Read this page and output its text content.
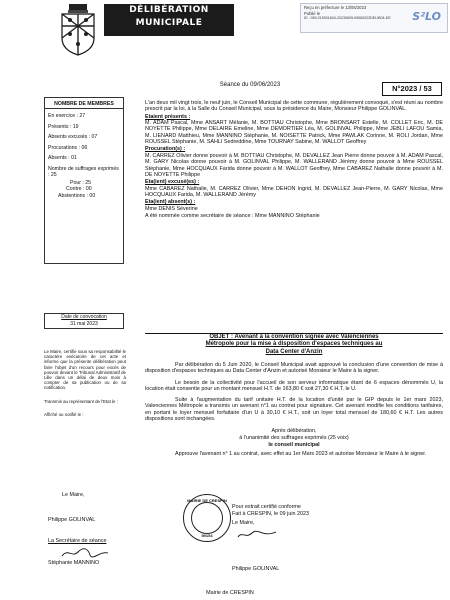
DÉLIBÉRATION
MUNICIPALE
Reçu en préfecture le 13/06/2023
Publié le
ID : 059-215901604-20230609-09062023DELIB04-DE	S²LO
Séance du 09/06/2023	N°2023 / 53
NOMBRE DE MEMBRES
En exercice : 27
Présents : 19
Absents excusés : 07
Procurations : 06
Absents : 01
Nombre de suffrages exprimés : 25
Pour : 25
Contre : 00
Abstentions : 00

L'an deux mil vingt trois, le neuf juin, le Conseil Municipal de cette commune, régulièrement convoqué, s'est réuni au nombre prescrit par la loi, à la Salle du Conseil Municipal, sous la présidence du Maire, Monsieur Philippe GOLINVAL.

Etaient présents :

M. ADAM Pascal, Mme ANSART Mélanie, M. BOTTIAU Christophe, Mme BRONSART Estelle, M. COLLET Eric, M. DE NOYETTE Philippe, Mme DELAIRE Emeline, Mme DEMORTIER Léa, M. GOLINVAL Philippe, Mme JEBLI LAFOU Samia, M. LIENARD Matthieu, Mme MANNINO Stéphanie, M. NOISETTE Patrick, Mme PAWLAK Corinne, M. ROLI Jordan, Mme ROUSSEL Stéphanie, M. SAHLI Sedreddine, Mme TOURNAY Sabine, M. WALLOT Geoffrey

Procuration(s) :

M. CARREZ Olivier donne pouvoir à M. BOTTIAU Christophe, M. DEVALLEZ Jean Pierre donne pouvoir à M. ADAM Pascal, M. GARY Nicolas donne pouvoir à M. GOLINVAL Philippe, M. WALLERAND Jérémy donne pouvoir à Mme ROUSSEL Stéphanie, Mme HOCQUAUX Farida donne pouvoir à M. WALLOT Geoffrey, Mme CABAREZ Nathalie donne pouvoir à M. DE NOYETTE Philippe

Eta(ient) excusé(es) :

Mme CABAREZ Nathalie, M. CARREZ Olivier, Mme DEHON Ingrid, M. DEVALLEZ Jean-Pierre, M. GARY Nicolas, Mme HOCQUAUX Farida, M. WALLERAND Jérémy

Eta(ient) absent(s) :

Mme DENIS Séverine

A été nommée comme secrétaire de séance : Mme MANNINO Stéphanie

Date de convocation
31 mai 2023
OBJET : Avenant à la convention signée avec Valenciennes
Métropole pour la mise à disposition d'espaces techniques au
Data Center d'Anzin

Par délibération du 5 Juin 2020, le Conseil Municipal avait approuvé la conclusion d'une convention de mise à disposition d'espaces techniques au Data Center d'Anzin et autorisé Monsieur le Maire à la signer.

Le besoin de la collectivité pour l'accueil de son serveur informatique étant de 6 espaces dénommés U, la location était consentie pour un montant mensuel H.T. de 163,80 € soit 27,30 € H.T. le U.

Suite à l'augmentation du tarif unitaire H.T. de la location d'unité par le GIP depuis le 1er mars 2023, Valenciennes Métropole a transmis un avenant n°1 au contrat pour signature. Cet avenant modifie les conditions tarifaires, en portant le loyer mensuel forfaitaire d'un U à 30,10 € H.T., soit un loyer total mensuel de 180,60 € H.T. Les autres dispositions sont inchangées.

Après délibération,

à l'unanimité des suffrages exprimés (25 voix)

le conseil municipal

Approuve l'avenant n° 1 au contrat, avec effet au 1er Mars 2023 et autorise Monsieur le Maire à le signer.

Le Maire, certifie sous sa responsabilité le caractère exécutoire de cet acte et informe que la présente délibération peut faire l'objet d'un recours pour excès de pouvoir devant le Tribunal Administratif de Lille dans un délai de deux mois à compter de sa publication ou de sa notification.

Transmis au représentant de l'Etat le :

Affiché ou notifié le :

Le Maire,
Philippe GOLINVAL
La Secrétaire de séance
Stéphanie MANNINO
Pour extrait certifié conforme
Fait à CRESPIN, le 09 juin 2023
Le Maire,
Philippe GOLINVAL
MAIRIE DE CRESPIN
59154
Mairie de CRESPIN
